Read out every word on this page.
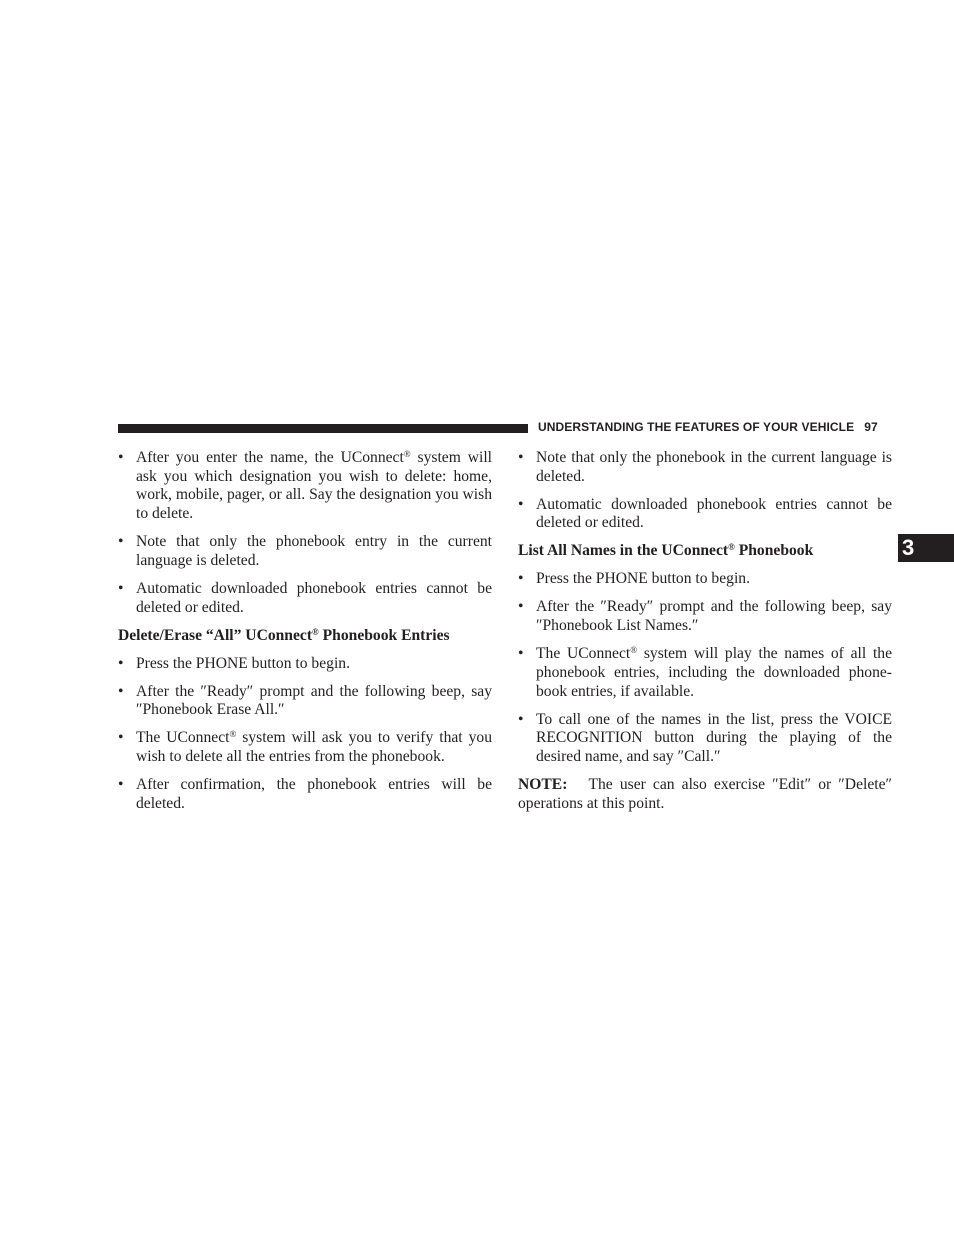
UNDERSTANDING THE FEATURES OF YOUR VEHICLE 97
3
• After you enter the name, the UConnect® system will ask you which designation you wish to delete: home, work, mobile, pager, or all. Say the designation you wish to delete.
• Note that only the phonebook entry in the current language is deleted.
• Automatic downloaded phonebook entries cannot be deleted or edited.
Delete/Erase “All” UConnect® Phonebook Entries
• Press the PHONE button to begin.
• After the ″Ready″ prompt and the following beep, say ″Phonebook Erase All.″
• The UConnect® system will ask you to verify that you wish to delete all the entries from the phonebook.
• After confirmation, the phonebook entries will be deleted.
• Note that only the phonebook in the current language is deleted.
• Automatic downloaded phonebook entries cannot be deleted or edited.
List All Names in the UConnect® Phonebook
• Press the PHONE button to begin.
• After the ″Ready″ prompt and the following beep, say ″Phonebook List Names.″
• The UConnect® system will play the names of all the phonebook entries, including the downloaded phone-book entries, if available.
• To call one of the names in the list, press the VOICE RECOGNITION button during the playing of the desired name, and say ″Call.″

NOTE: The user can also exercise ″Edit″ or ″Delete″ operations at this point.
